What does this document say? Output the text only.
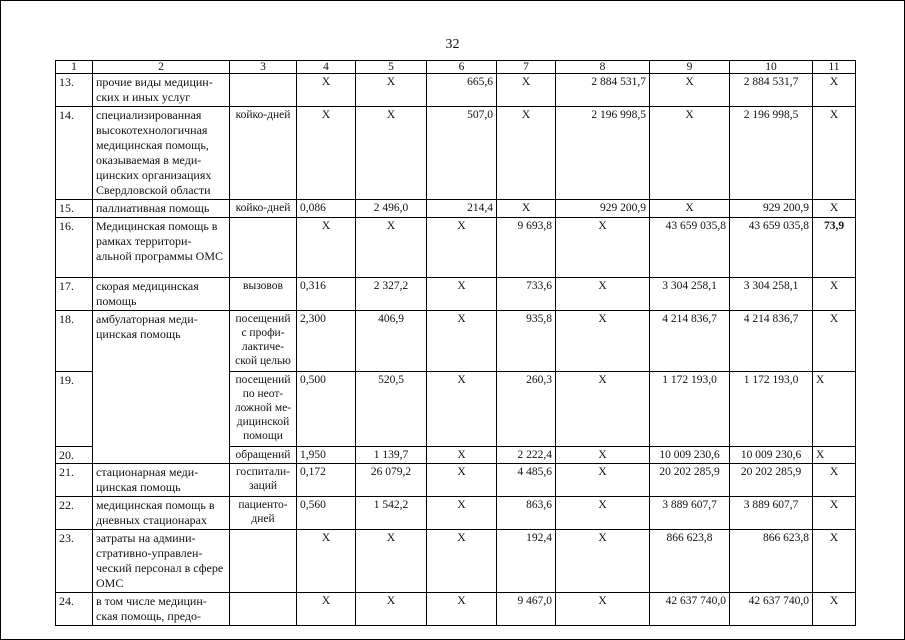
32
1	2	3	4	5	6	7	8	9	10	11
13.	прочие виды медицин-ских и иных услуг		X	X	665,6	X	2 884 531,7	X	2 884 531,7	X
14.	специализированная высокотехнологичная медицинская помощь, оказываемая в меди-цинских организациях Свердловской области	койко-дней	X	X	507,0	X	2 196 998,5	X	2 196 998,5	X
15.	паллиативная помощь	койко-дней	0,086	2 496,0	214,4	X	929 200,9	X	929 200,9	X
16.	Медицинская помощь в рамках территори-альной программы ОМС		X	X	X	9 693,8	X	43 659 035,8	43 659 035,8	73,9
17.	скорая медицинская помощь	вызовов	0,316	2 327,2	X	733,6	X	3 304 258,1	3 304 258,1	X
18.	амбулаторная меди-цинская помощь	посещений с профи-лактиче-ской целью	2,300	406,9	X	935,8	X	4 214 836,7	4 214 836,7	X
19.		посещений по неот-ложной ме-дицинской помощи	0,500	520,5	X	260,3	X	1 172 193,0	1 172 193,0	X
20.		обращений	1,950	1 139,7	X	2 222,4	X	10 009 230,6	10 009 230,6	X
21.	стационарная меди-цинская помощь	госпитали-заций	0,172	26 079,2	X	4 485,6	X	20 202 285,9	20 202 285,9	X
22.	медицинская помощь в дневных стационарах	пациенто-дней	0,560	1 542,2	X	863,6	X	3 889 607,7	3 889 607,7	X
23.	затраты на админи-стративно-управлен-ческий персонал в сфере ОМС		X	X	X	192,4	X	866 623,8	866 623,8	X
24.	в том числе медицин-ская помощь, предо-		X	X	X	9 467,0	X	42 637 740,0	42 637 740,0	X
